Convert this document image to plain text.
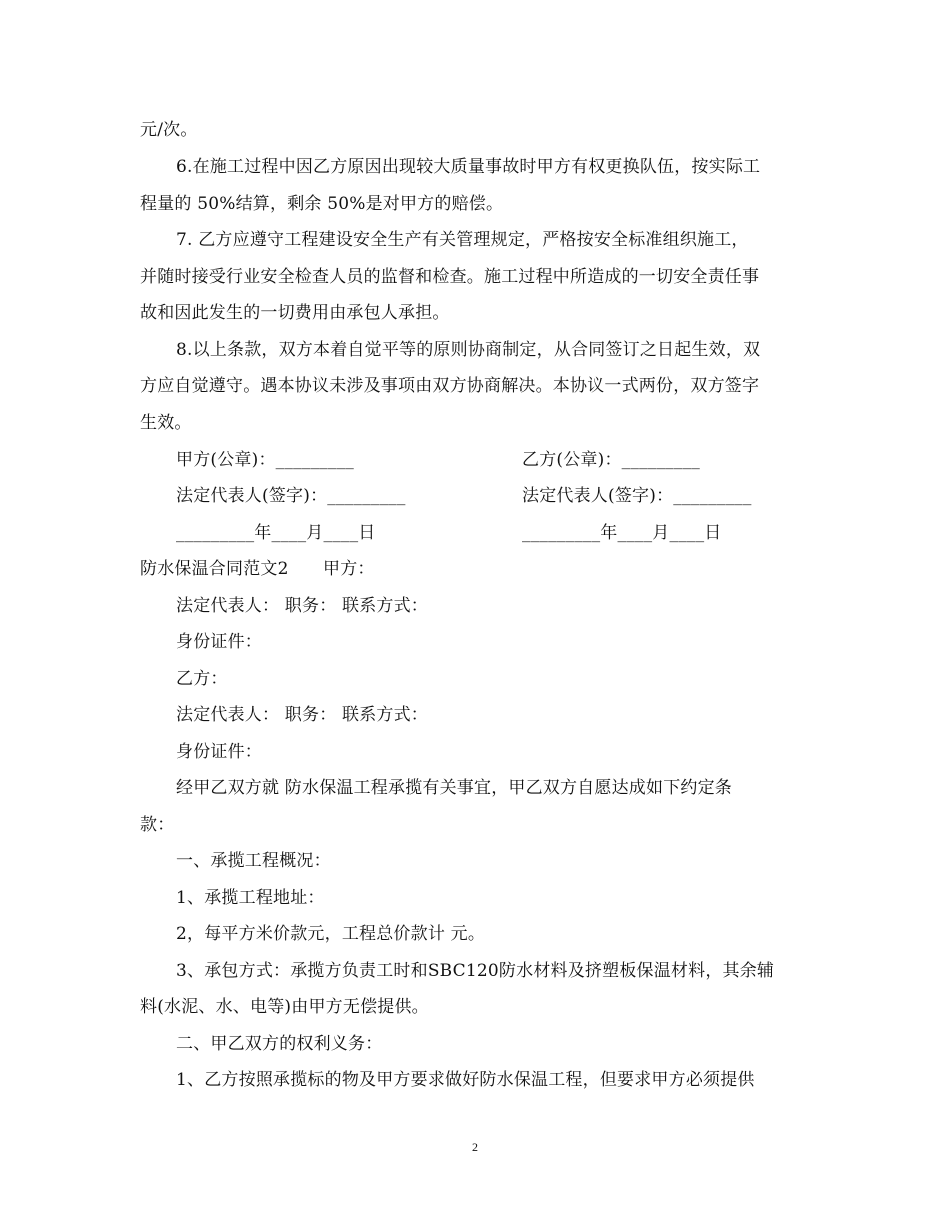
元/次。
6.在施工过程中因乙方原因出现较大质量事故时甲方有权更换队伍，按实际工
程量的 50%结算，剩余 50%是对甲方的赔偿。
7. 乙方应遵守工程建设安全生产有关管理规定，严格按安全标准组织施工，
并随时接受行业安全检查人员的监督和检查。施工过程中所造成的一切安全责任事
故和因此发生的一切费用由承包人承担。
8.以上条款，双方本着自觉平等的原则协商制定，从合同签订之日起生效，双
方应自觉遵守。遇本协议未涉及事项由双方协商解决。本协议一式两份，双方签字
生效。
甲方(公章)：_________	乙方(公章)：_________
法定代表人(签字)：_________	法定代表人(签字)：_________
_________年____月____日	_________年____月____日
防水保温合同范文2　　甲方：
法定代表人： 职务： 联系方式：
身份证件：
乙方：
法定代表人： 职务： 联系方式：
身份证件：
经甲乙双方就 防水保温工程承揽有关事宜，甲乙双方自愿达成如下约定条
款：
一、承揽工程概况：
1、承揽工程地址：
2，每平方米价款元，工程总价款计 元。
3、承包方式：承揽方负责工时和SBC120防水材料及挤塑板保温材料，其余辅
料(水泥、水、电等)由甲方无偿提供。
二、甲乙双方的权利义务：
1、乙方按照承揽标的物及甲方要求做好防水保温工程，但要求甲方必须提供
2
